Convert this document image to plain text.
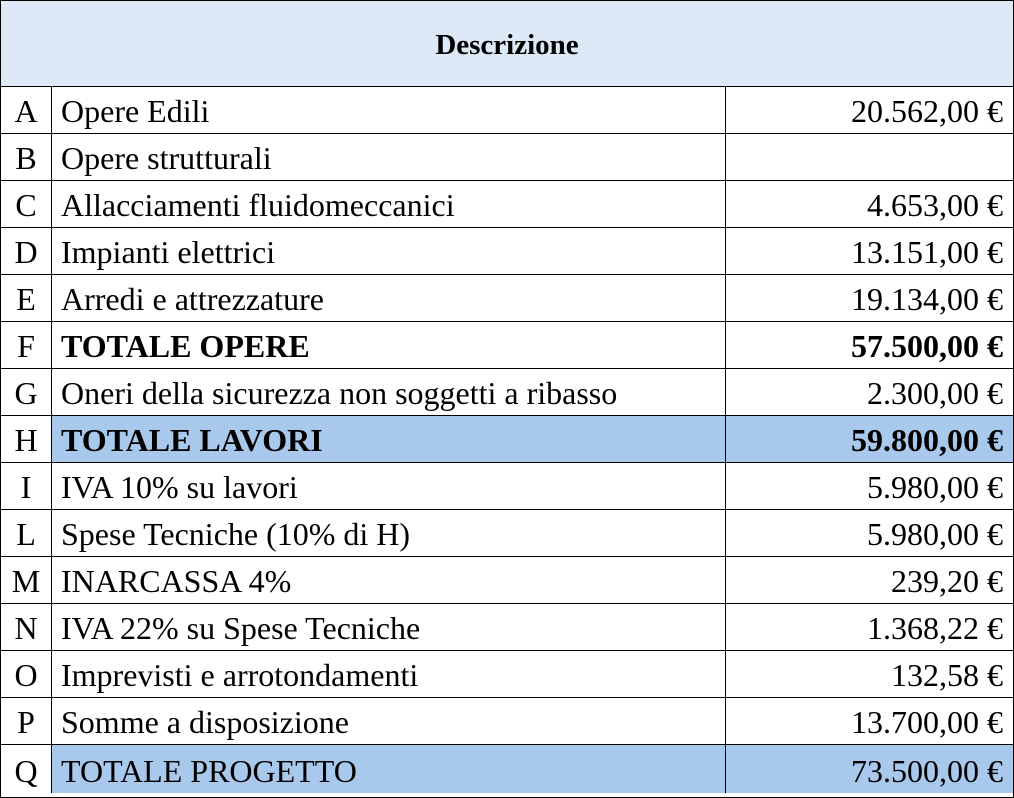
Descrizione
A Opere Edili	20.562,00 €
B Opere strutturali
C Allacciamenti fluidomeccanici	4.653,00 €
D Impianti elettrici	13.151,00 €
E Arredi e attrezzature	19.134,00 €
F TOTALE OPERE	57.500,00 €
G Oneri della sicurezza non soggetti a ribasso	2.300,00 €
H TOTALE LAVORI	59.800,00 €
I IVA 10% su lavori	5.980,00 €
L Spese Tecniche (10% di H)	5.980,00 €
M INARCASSA 4%	239,20 €
N IVA 22% su Spese Tecniche	1.368,22 €
O Imprevisti e arrotondamenti	132,58 €
P Somme a disposizione	13.700,00 €
Q TOTALE PROGETTO	73.500,00 €
